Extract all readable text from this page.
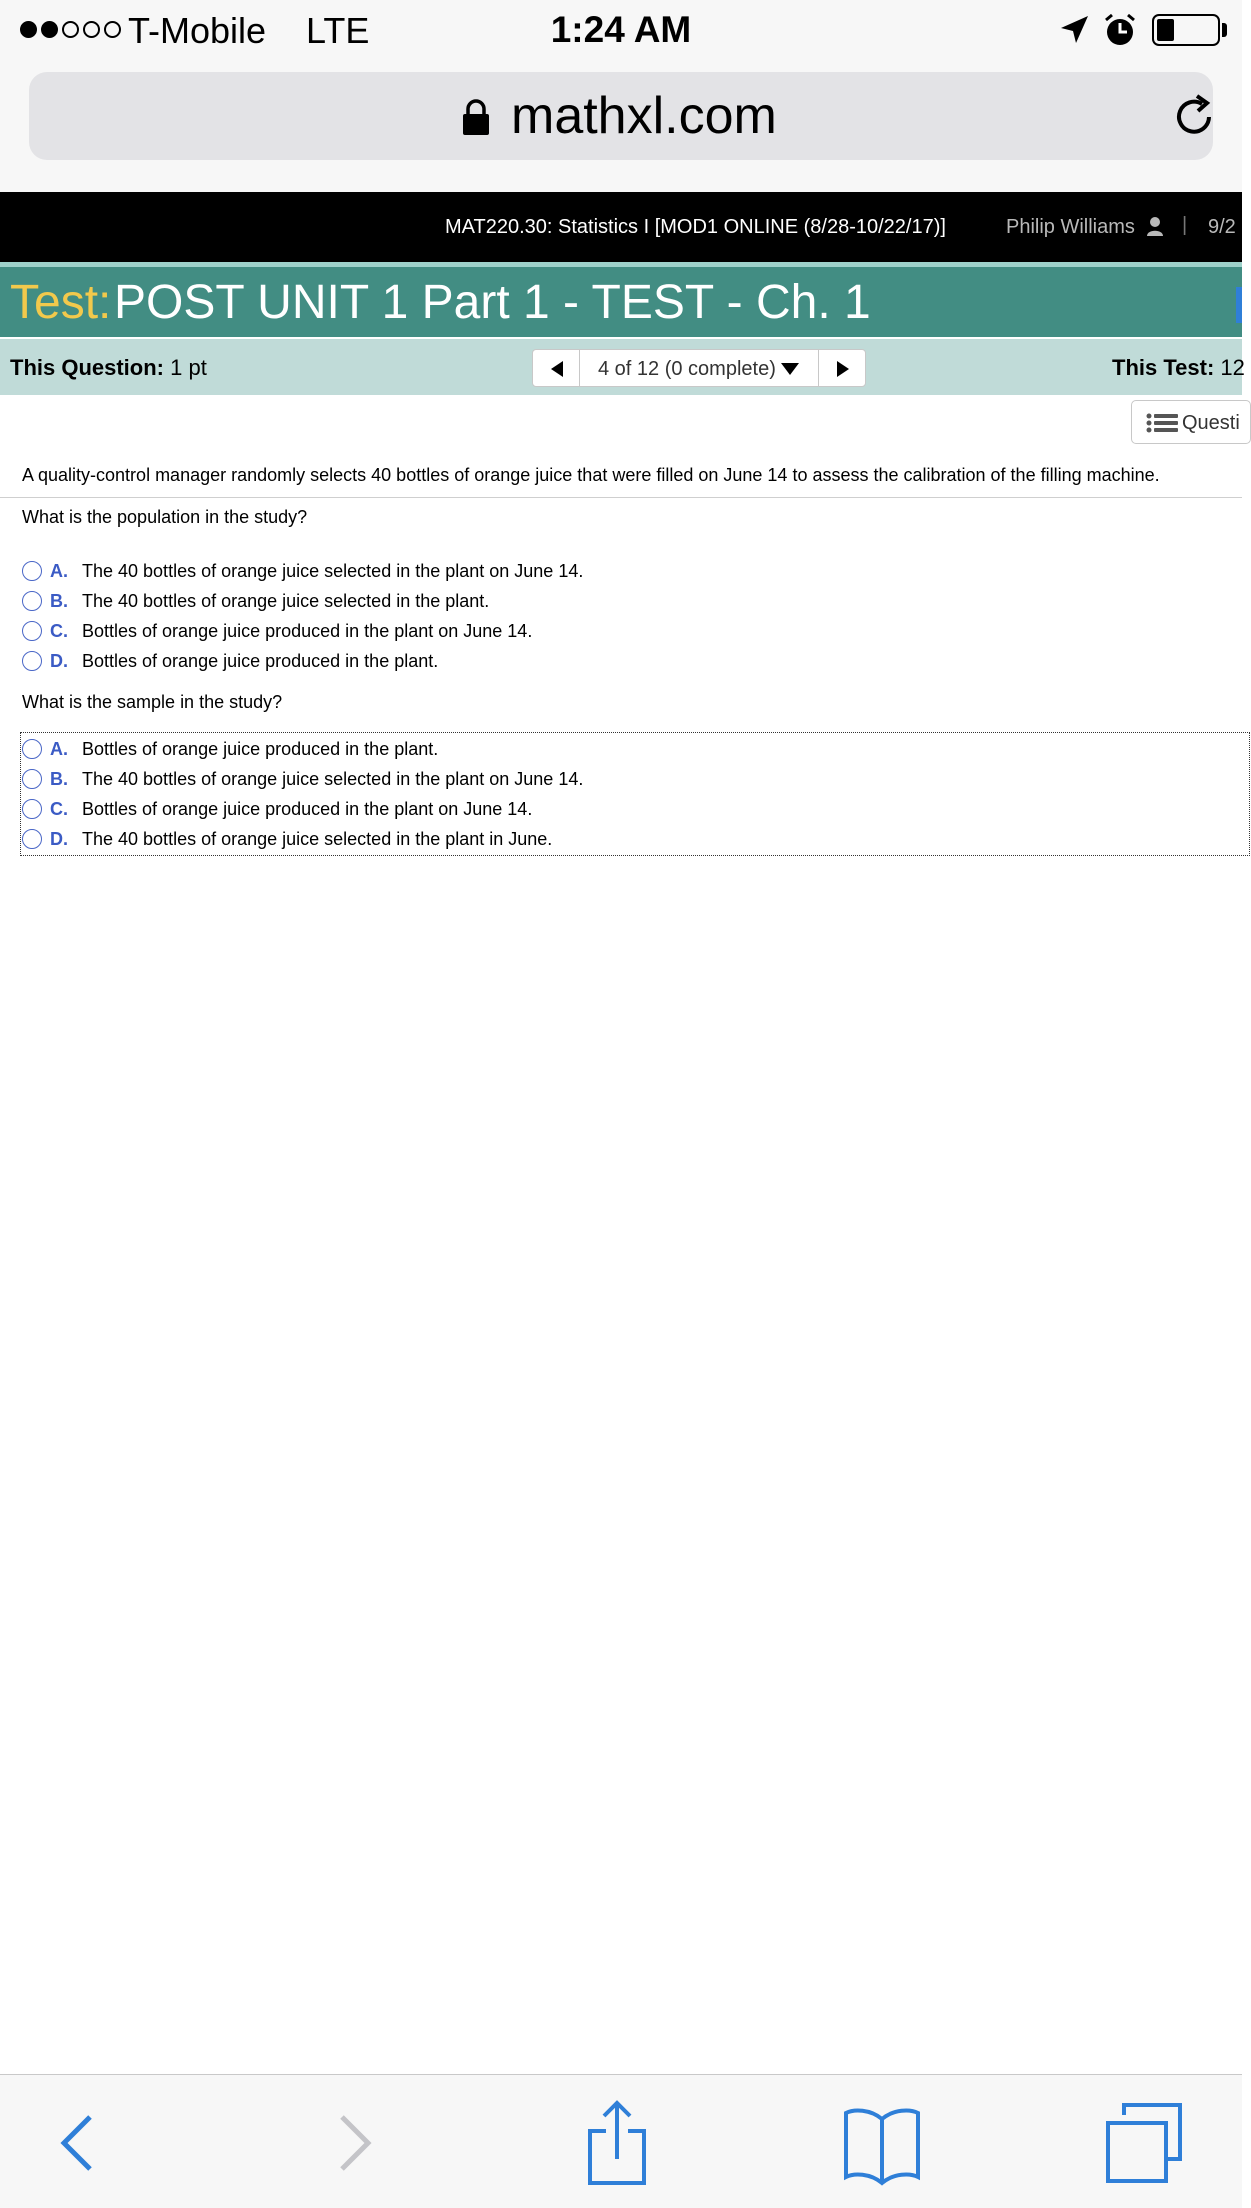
T-Mobile LTE	1:24 AM
mathxl.com
MAT220.30: Statistics I [MOD1 ONLINE (8/28-10/22/17)]	Philip Williams | 9/2
Test: POST UNIT 1 Part 1 - TEST - Ch. 1
This Question: 1 pt	4 of 12 (0 complete)	This Test: 12
Questi
A quality-control manager randomly selects 40 bottles of orange juice that were filled on June 14 to assess the calibration of the filling machine.
What is the population in the study?
A. The 40 bottles of orange juice selected in the plant on June 14.
B. The 40 bottles of orange juice selected in the plant.
C. Bottles of orange juice produced in the plant on June 14.
D. Bottles of orange juice produced in the plant.
What is the sample in the study?
A. Bottles of orange juice produced in the plant.
B. The 40 bottles of orange juice selected in the plant on June 14.
C. Bottles of orange juice produced in the plant on June 14.
D. The 40 bottles of orange juice selected in the plant in June.
